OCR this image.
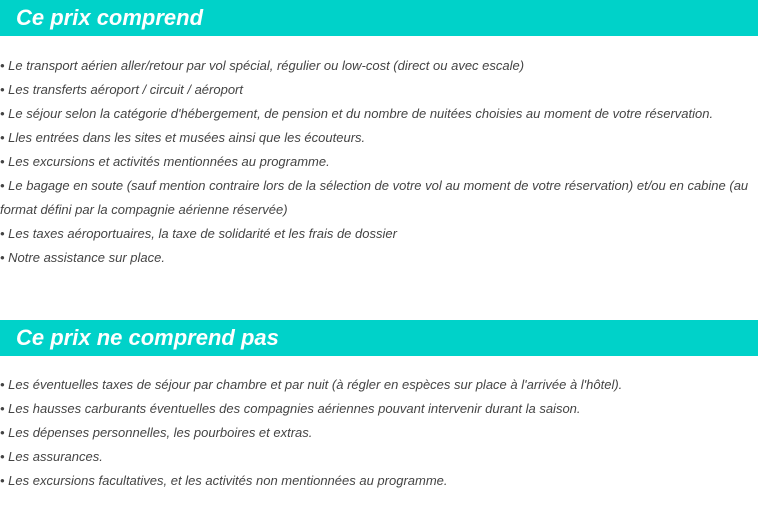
Ce prix comprend
• Le transport aérien aller/retour par vol spécial, régulier ou low-cost (direct ou avec escale)
• Les transferts aéroport / circuit / aéroport
• Le séjour selon la catégorie d'hébergement, de pension et du nombre de nuitées choisies au moment de votre réservation.
• Lles entrées dans les sites et musées ainsi que les écouteurs.
• Les excursions et activités mentionnées au programme.
• Le bagage en soute (sauf mention contraire lors de la sélection de votre vol au moment de votre réservation) et/ou en cabine (au format défini par la compagnie aérienne réservée)
• Les taxes aéroportuaires, la taxe de solidarité et les frais de dossier
• Notre assistance sur place.
Ce prix ne comprend pas
• Les éventuelles taxes de séjour par chambre et par nuit (à régler en espèces sur place à l'arrivée à l'hôtel).
• Les hausses carburants éventuelles des compagnies aériennes pouvant intervenir durant la saison.
• Les dépenses personnelles, les pourboires et extras.
• Les assurances.
• Les excursions facultatives, et les activités non mentionnées au programme.
